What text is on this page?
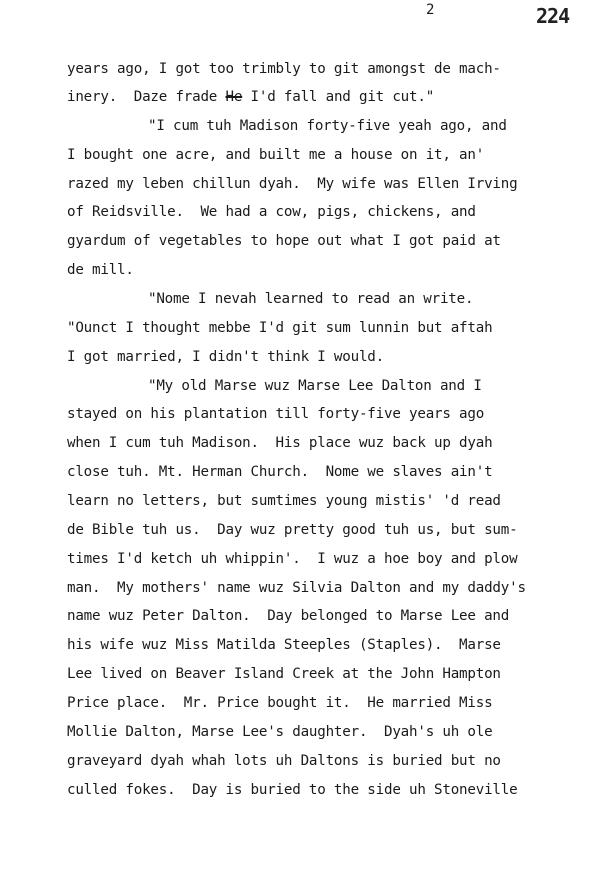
2	224
years ago, I got too trimbly to git amongst de mach-
inery.  Daze frade He I'd fall and git cut."
"I cum tuh Madison forty-five yeah ago, and
I bought one acre, and built me a house on it, an'
razed my leben chillun dyah.  My wife was Ellen Irving
of Reidsville.  We had a cow, pigs, chickens, and
gyardum of vegetables to hope out what I got paid at
de mill.
"Nome I nevah learned to read an write.
"Ounct I thought mebbe I'd git sum lunnin but aftah
I got married, I didn't think I would.
"My old Marse wuz Marse Lee Dalton and I
stayed on his plantation till forty-five years ago
when I cum tuh Madison.  His place wuz back up dyah
close tuh. Mt. Herman Church.  Nome we slaves ain't
learn no letters, but sumtimes young mistis' 'd read
de Bible tuh us.  Day wuz pretty good tuh us, but sum-
times I'd ketch uh whippin'.  I wuz a hoe boy and plow
man.  My mothers' name wuz Silvia Dalton and my daddy's
name wuz Peter Dalton.  Day belonged to Marse Lee and
his wife wuz Miss Matilda Steeples (Staples).  Marse
Lee lived on Beaver Island Creek at the John Hampton
Price place.  Mr. Price bought it.  He married Miss
Mollie Dalton, Marse Lee's daughter.  Dyah's uh ole
graveyard dyah whah lots uh Daltons is buried but no
culled fokes.  Day is buried to the side uh Stoneville
